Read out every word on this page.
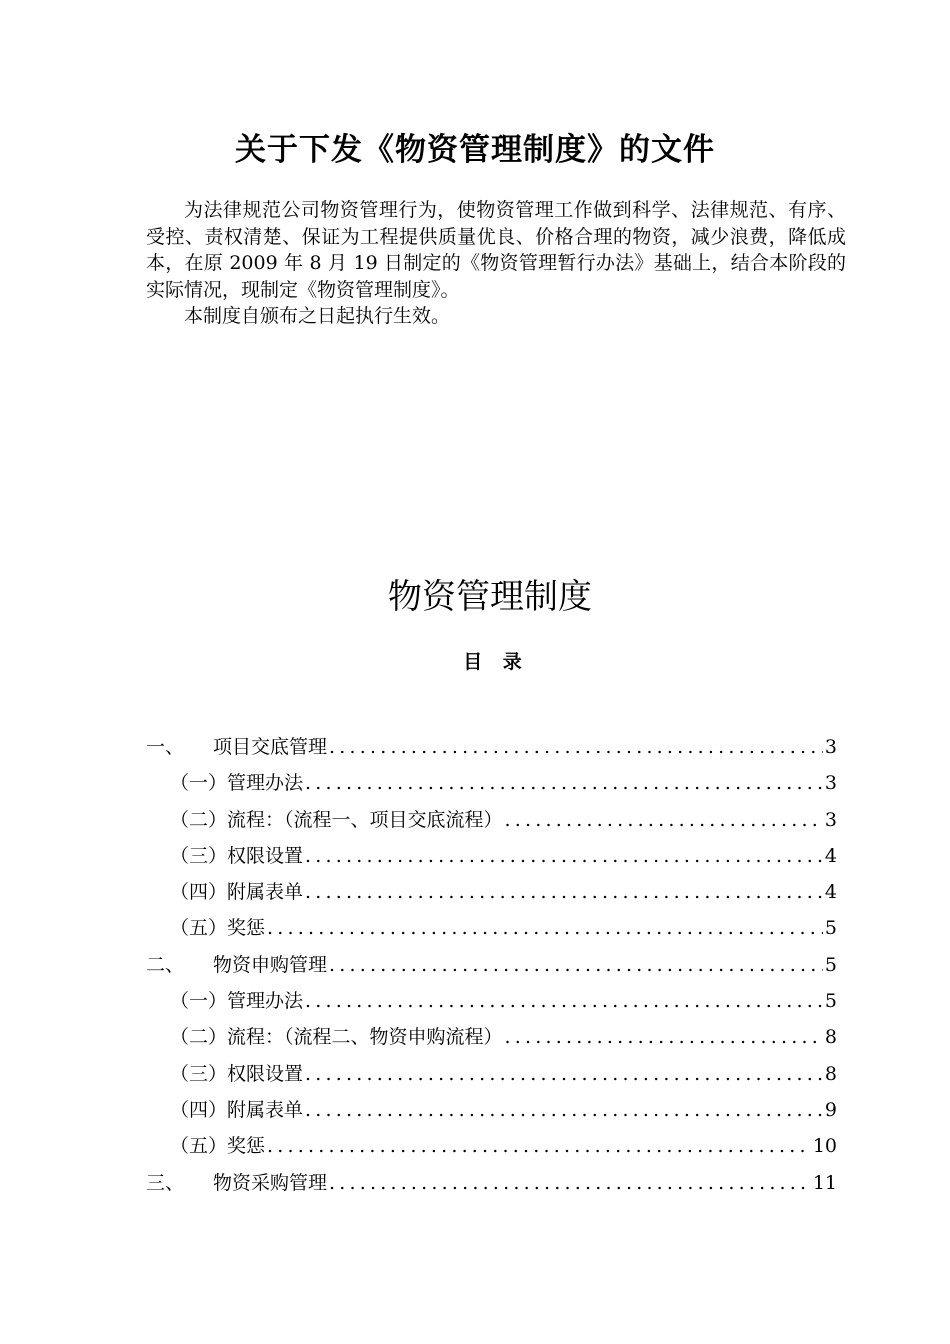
关于下发《物资管理制度》的文件

为法律规范公司物资管理行为，使物资管理工作做到科学、法律规范、有序、受控、责权清楚、保证为工程提供质量优良、价格合理的物资，减少浪费，降低成本，在原 2009 年 8 月 19 日制定的《物资管理暂行办法》基础上，结合本阶段的实际情况，现制定《物资管理制度》。

本制度自颁布之日起执行生效。

物资管理制度
目 录
一、	项目交底管理 .....	3
（一）管理办法 .....	3
（二）流程：（流程一、项目交底流程） .....	3
（三）权限设置 .....	4
（四）附属表单 .....	4
（五）奖惩 .....	5
二、	物资申购管理 .....	5
（一）管理办法 .....	5
（二）流程：（流程二、物资申购流程） .....	8
（三）权限设置 .....	8
（四）附属表单 .....	9
（五）奖惩 .....	10
三、	物资采购管理 .....	11
